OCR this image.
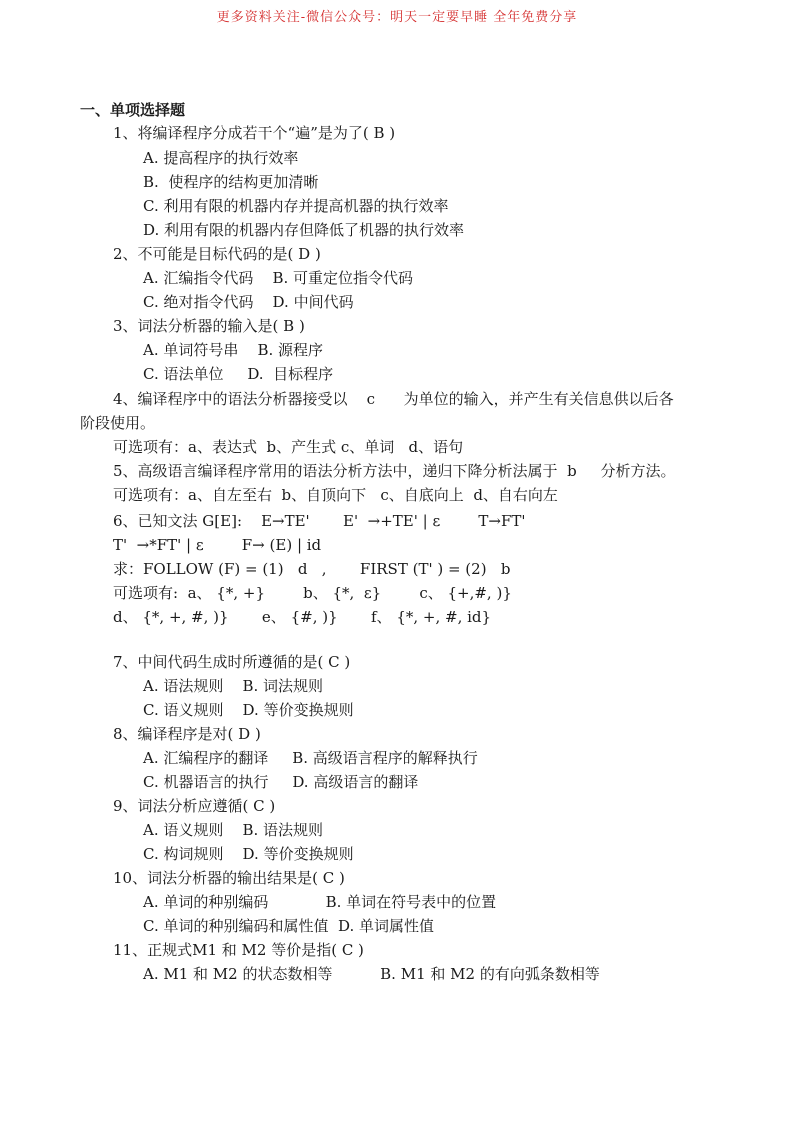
更多资料关注-微信公众号：明天一定要早睡 全年免费分享
一、单项选择题
1、将编译程序分成若干个“遍”是为了( B )
A. 提高程序的执行效率
B.  使程序的结构更加清晰
C. 利用有限的机器内存并提高机器的执行效率
D. 利用有限的机器内存但降低了机器的执行效率
2、不可能是目标代码的是( D )
A. 汇编指令代码    B. 可重定位指令代码
C. 绝对指令代码    D. 中间代码
3、词法分析器的输入是( B )
A. 单词符号串    B. 源程序
C. 语法单位     D.  目标程序
4、编译程序中的语法分析器接受以    c      为单位的输入，并产生有关信息供以后各
阶段使用。
可选项有：a、表达式  b、产生式 c、单词   d、语句
5、高级语言编译程序常用的语法分析方法中，递归下降分析法属于  b     分析方法。
可选项有：a、自左至右  b、自顶向下   c、自底向上  d、自右向左
6、已知文法 G[E]:    E→TE'       E'  →+TE' | ε        T→FT'
T'  →*FT' | ε        F→ (E) | id
求：FOLLOW (F) = (1)   d   ,       FIRST (T' ) = (2)   b
可选项有:  a、 {*, +}        b、 {*,  ε}        c、 {+,#, )}
d、 {*, +, #, )}       e、 {#, )}       f、 {*, +, #, id}
7、中间代码生成时所遵循的是( C )
A. 语法规则    B. 词法规则
C. 语义规则    D. 等价变换规则
8、编译程序是对( D )
A. 汇编程序的翻译     B. 高级语言程序的解释执行
C. 机器语言的执行     D. 高级语言的翻译
9、词法分析应遵循( C )
A. 语义规则    B. 语法规则
C. 构词规则    D. 等价变换规则
10、词法分析器的输出结果是( C )
A. 单词的种别编码            B. 单词在符号表中的位置
C. 单词的种别编码和属性值  D. 单词属性值
11、正规式M1 和 M2 等价是指( C )
A. M1 和 M2 的状态数相等          B. M1 和 M2 的有向弧条数相等
